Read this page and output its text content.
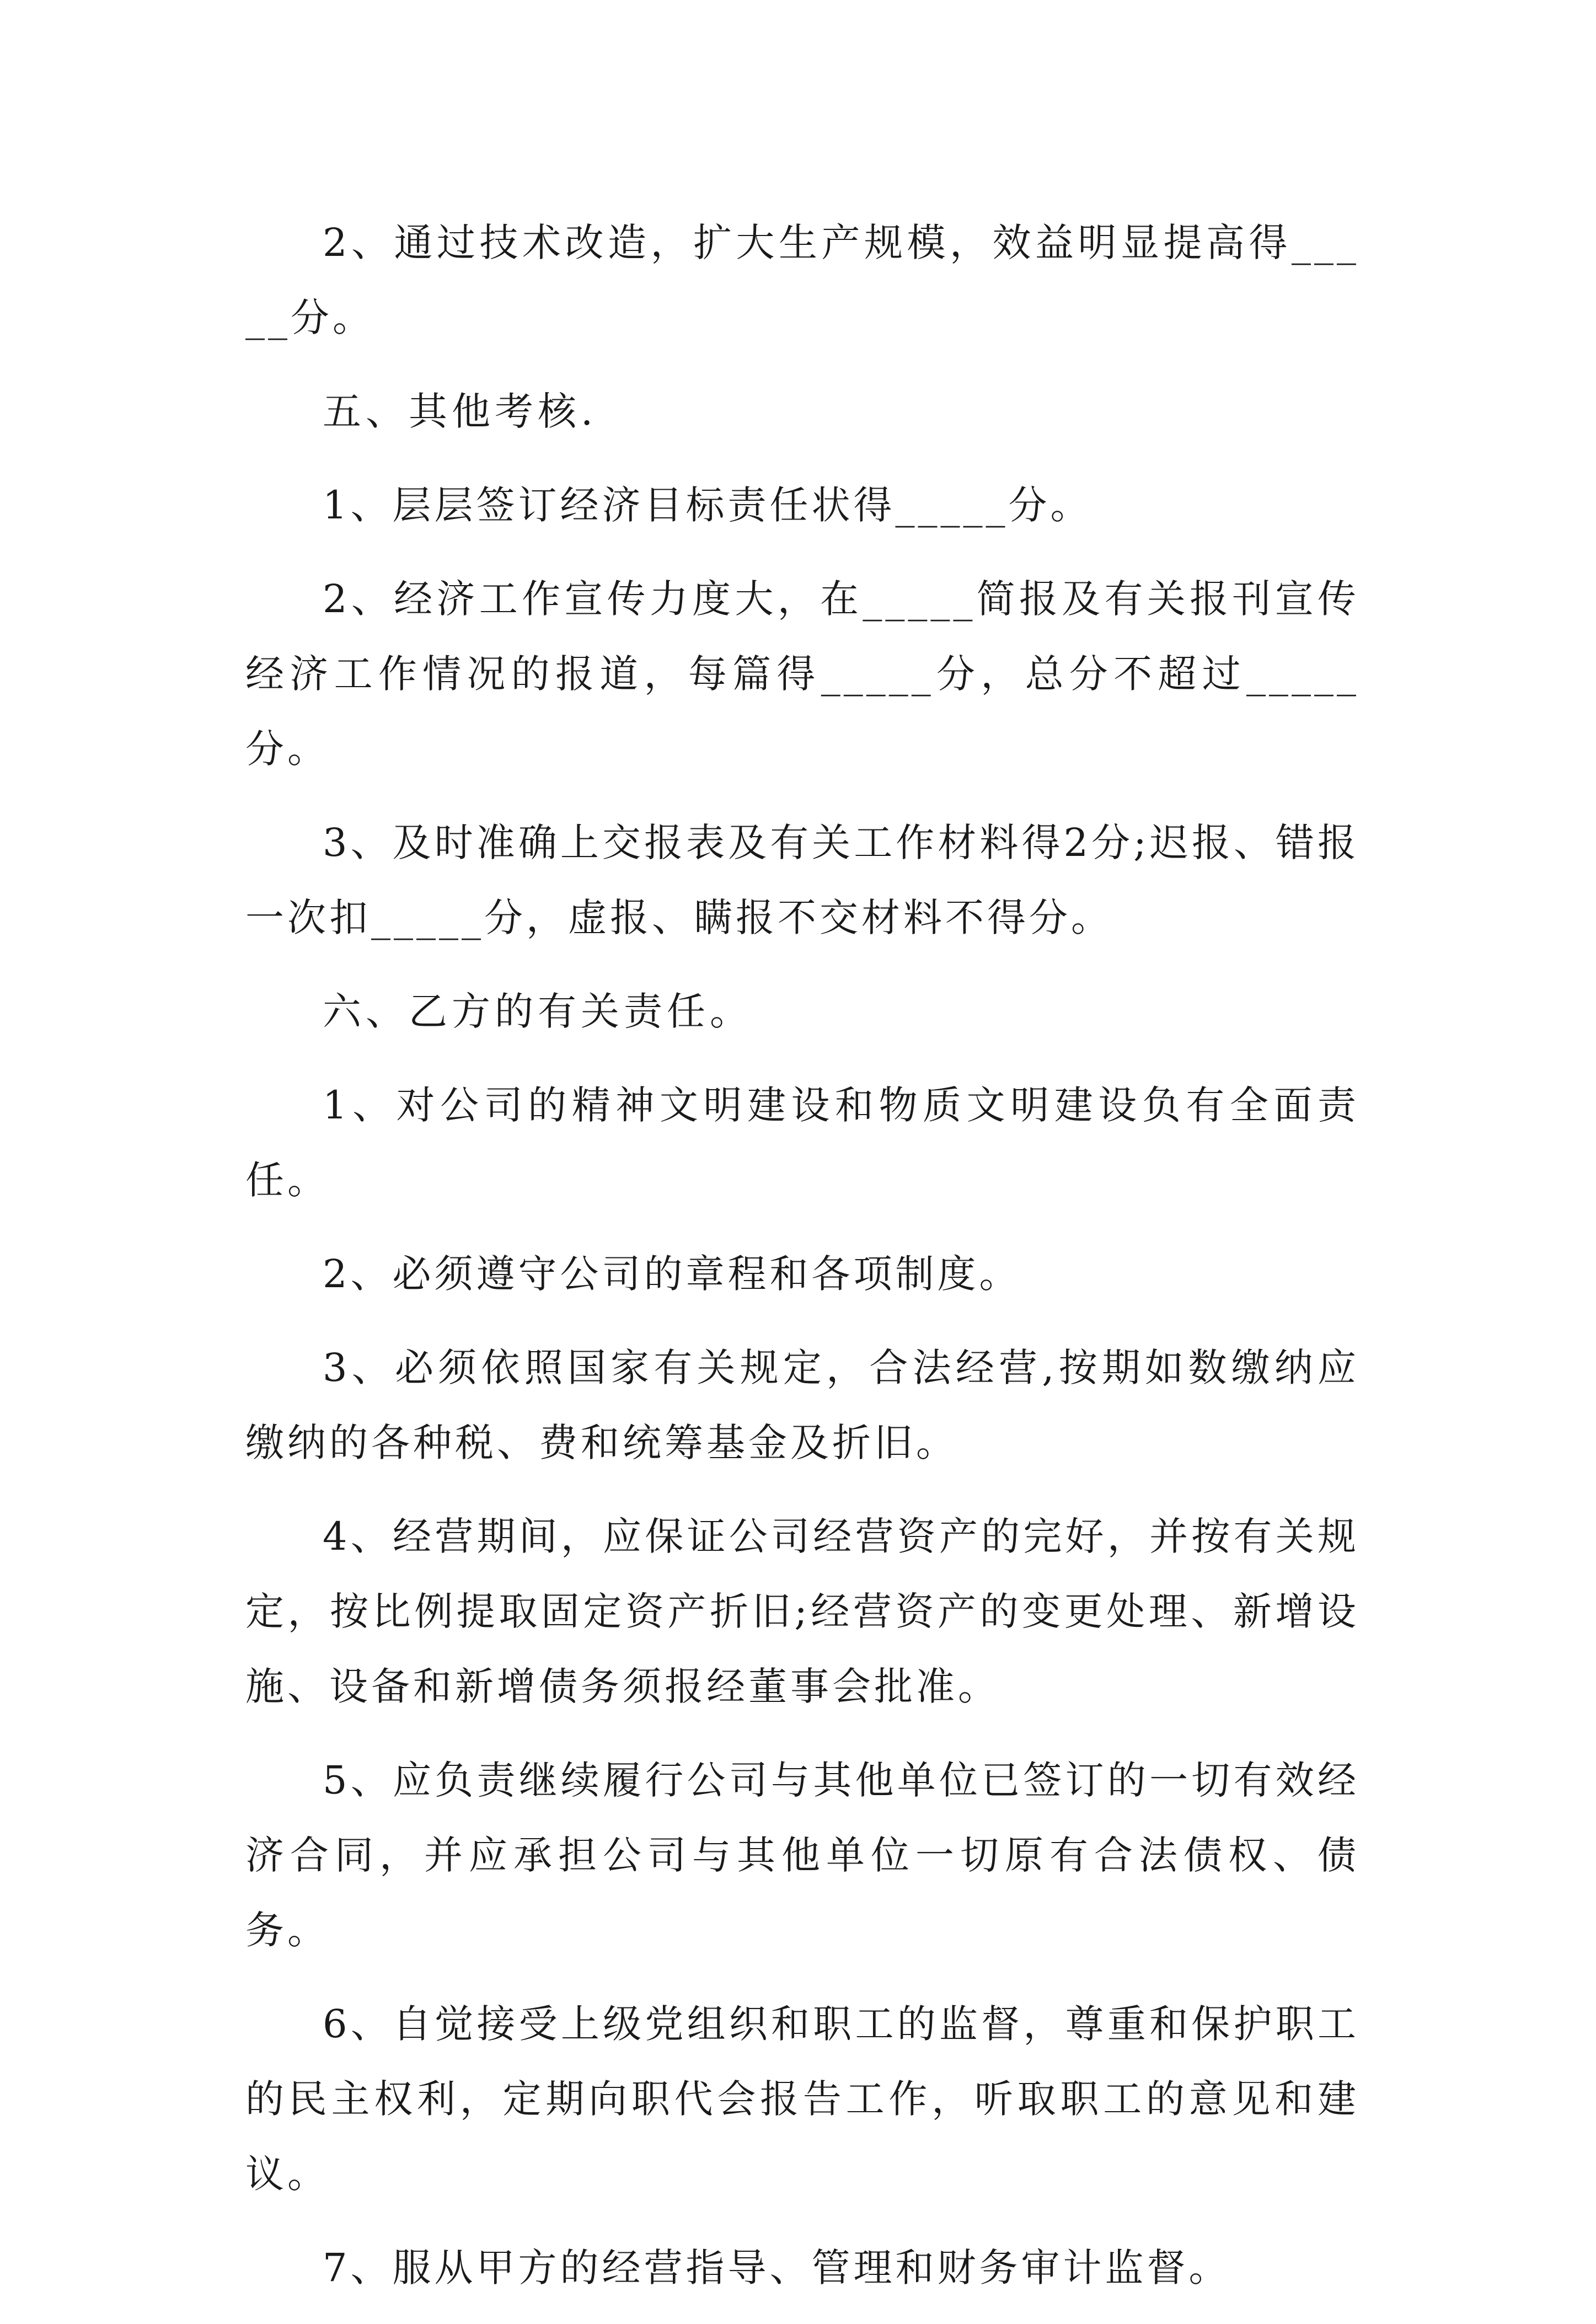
2、通过技术改造，扩大生产规模，效益明显提高得_____分。

五、其他考核.

1、层层签订经济目标责任状得_____分。

2、经济工作宣传力度大，在_____简报及有关报刊宣传经济工作情况的报道，每篇得_____分，总分不超过_____分。

3、及时准确上交报表及有关工作材料得2分;迟报、错报一次扣_____分，虚报、瞒报不交材料不得分。

六、乙方的有关责任。

1、对公司的精神文明建设和物质文明建设负有全面责任。

2、必须遵守公司的章程和各项制度。

3、必须依照国家有关规定，合法经营,按期如数缴纳应缴纳的各种税、费和统筹基金及折旧。

4、经营期间，应保证公司经营资产的完好，并按有关规定，按比例提取固定资产折旧;经营资产的变更处理、新增设施、设备和新增债务须报经董事会批准。

5、应负责继续履行公司与其他单位已签订的一切有效经济合同，并应承担公司与其他单位一切原有合法债权、债务。

6、自觉接受上级党组织和职工的监督，尊重和保护职工的民主权利，定期向职代会报告工作，听取职工的意见和建议。

7、服从甲方的经营指导、管理和财务审计监督。
